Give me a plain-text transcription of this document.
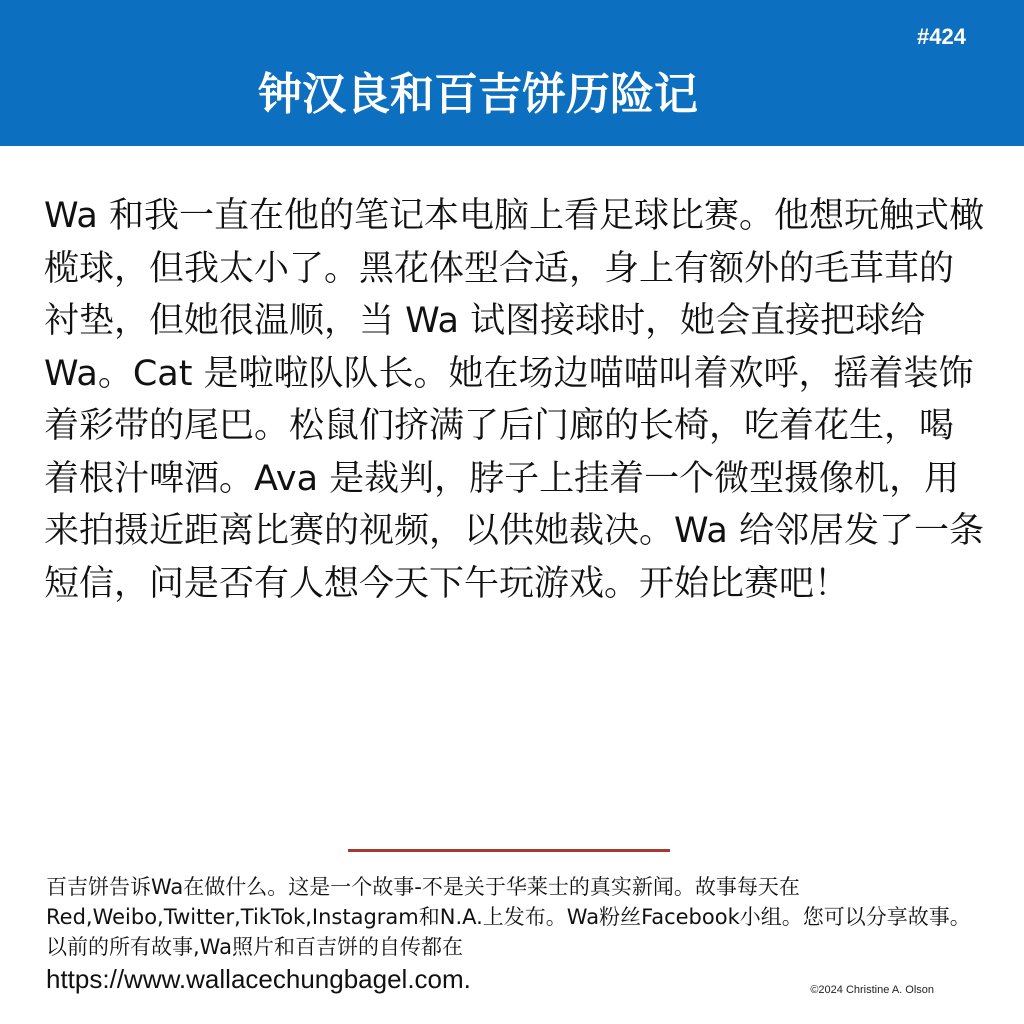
#424
钟汉良和百吉饼历险记

Wa 和我一直在他的笔记本电脑上看足球比赛。他想玩触式橄榄球，但我太小了。黑花体型合适，身上有额外的毛茸茸的衬垫，但她很温顺，当 Wa 试图接球时，她会直接把球给 Wa。Cat 是啦啦队队长。她在场边喵喵叫着欢呼，摇着装饰着彩带的尾巴。松鼠们挤满了后门廊的长椅，吃着花生，喝着根汁啤酒。Ava 是裁判，脖子上挂着一个微型摄像机，用来拍摄近距离比赛的视频，以供她裁决。Wa 给邻居发了一条短信，问是否有人想今天下午玩游戏。开始比赛吧！

百吉饼告诉Wa在做什么。这是一个故事-不是关于华莱士的真实新闻。故事每天在Red,Weibo,Twitter,TikTok,Instagram和N.A.上发布。Wa粉丝Facebook小组。您可以分享故事。以前的所有故事,Wa照片和百吉饼的自传都在

https://www.wallacechungbagel.com.	©2024 Christine A. Olson
